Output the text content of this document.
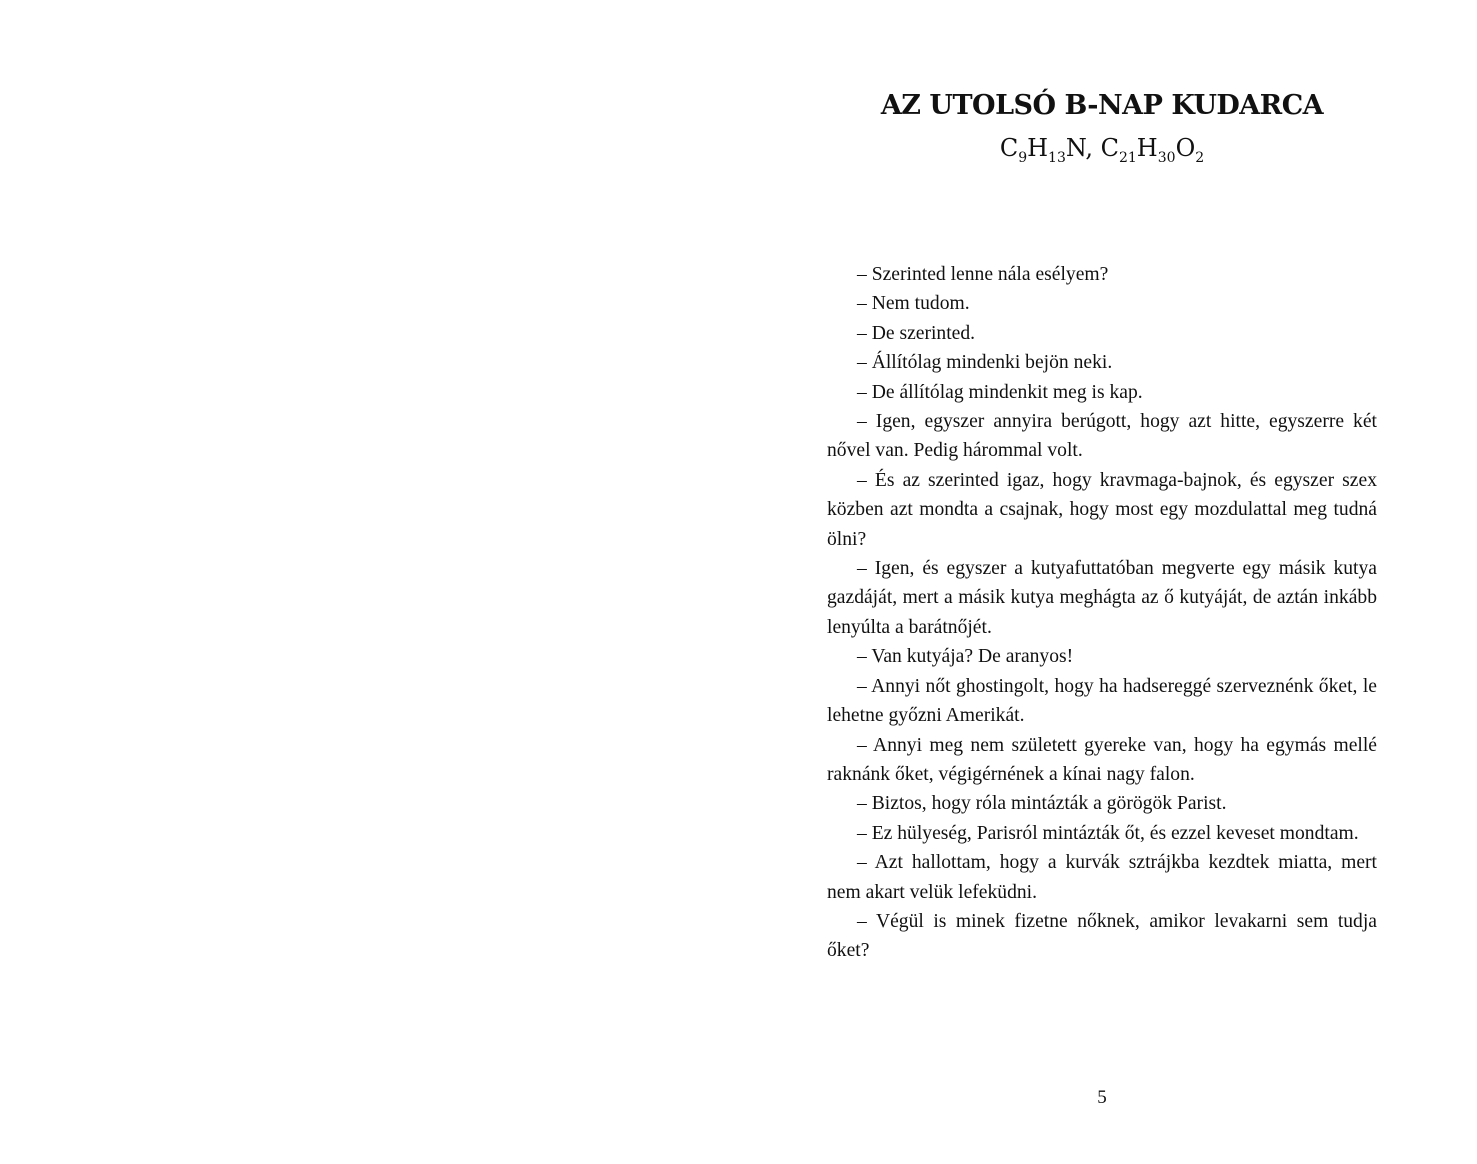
AZ UTOLSÓ B-NAP KUDARCA
$C_9H_{13}N$, $C_{21}H_{30}O_2$

– Szerinted lenne nála esélyem?

– Nem tudom.

– De szerinted.

– Állítólag mindenki bejön neki.

– De állítólag mindenkit meg is kap.

– Igen, egyszer annyira berúgott, hogy azt hitte, egyszerre két nővel van. Pedig hárommal volt.

– És az szerinted igaz, hogy kravmaga-bajnok, és egyszer szex közben azt mondta a csajnak, hogy most egy mozdulattal meg tudná ölni?

– Igen, és egyszer a kutyafuttatóban megverte egy másik kutya gazdáját, mert a másik kutya meghágta az ő kutyáját, de aztán inkább lenyúlta a barátnőjét.

– Van kutyája? De aranyos!

– Annyi nőt ghostingolt, hogy ha hadsereggé szerveznénk őket, le lehetne győzni Amerikát.

– Annyi meg nem született gyereke van, hogy ha egymás mellé raknánk őket, végigérnének a kínai nagy falon.

– Biztos, hogy róla mintázták a görögök Parist.

– Ez hülyeség, Parisról mintázták őt, és ezzel keveset mondtam.

– Azt hallottam, hogy a kurvák sztrájkba kezdtek miatta, mert nem akart velük lefeküdni.

– Végül is minek fizetne nőknek, amikor levakarni sem tudja őket?

5
